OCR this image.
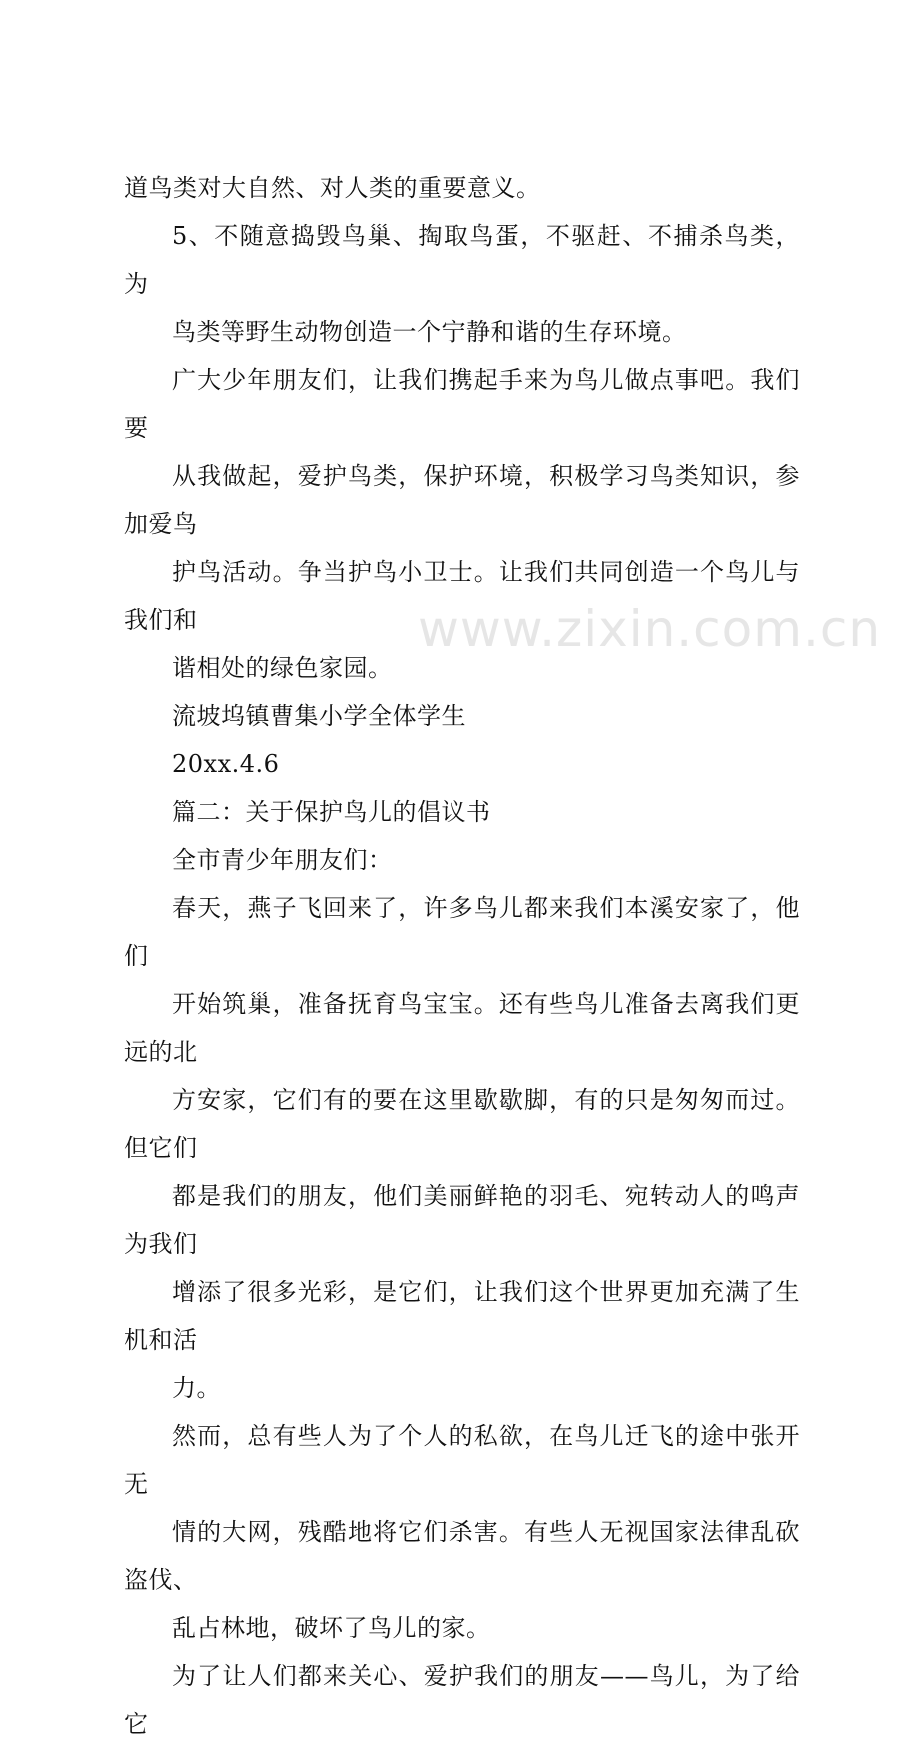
道鸟类对大自然、对人类的重要意义。

5、不随意捣毁鸟巢、掏取鸟蛋，不驱赶、不捕杀鸟类，为
鸟类等野生动物创造一个宁静和谐的生存环境。

广大少年朋友们，让我们携起手来为鸟儿做点事吧。我们要
从我做起，爱护鸟类，保护环境，积极学习鸟类知识，参加爱鸟
护鸟活动。争当护鸟小卫士。让我们共同创造一个鸟儿与我们和
谐相处的绿色家园。

流坡坞镇曹集小学全体学生

20xx.4.6

篇二：关于保护鸟儿的倡议书

全市青少年朋友们：

春天，燕子飞回来了，许多鸟儿都来我们本溪安家了，他们
开始筑巢，准备抚育鸟宝宝。还有些鸟儿准备去离我们更远的北
方安家，它们有的要在这里歇歇脚，有的只是匆匆而过。但它们
都是我们的朋友，他们美丽鲜艳的羽毛、宛转动人的鸣声为我们
增添了很多光彩，是它们，让我们这个世界更加充满了生机和活
力。

然而，总有些人为了个人的私欲，在鸟儿迁飞的途中张开无
情的大网，残酷地将它们杀害。有些人无视国家法律乱砍盗伐、
乱占林地，破坏了鸟儿的家。

为了让人们都来关心、爱护我们的朋友——鸟儿，为了给它

www.zixin.com.cn
